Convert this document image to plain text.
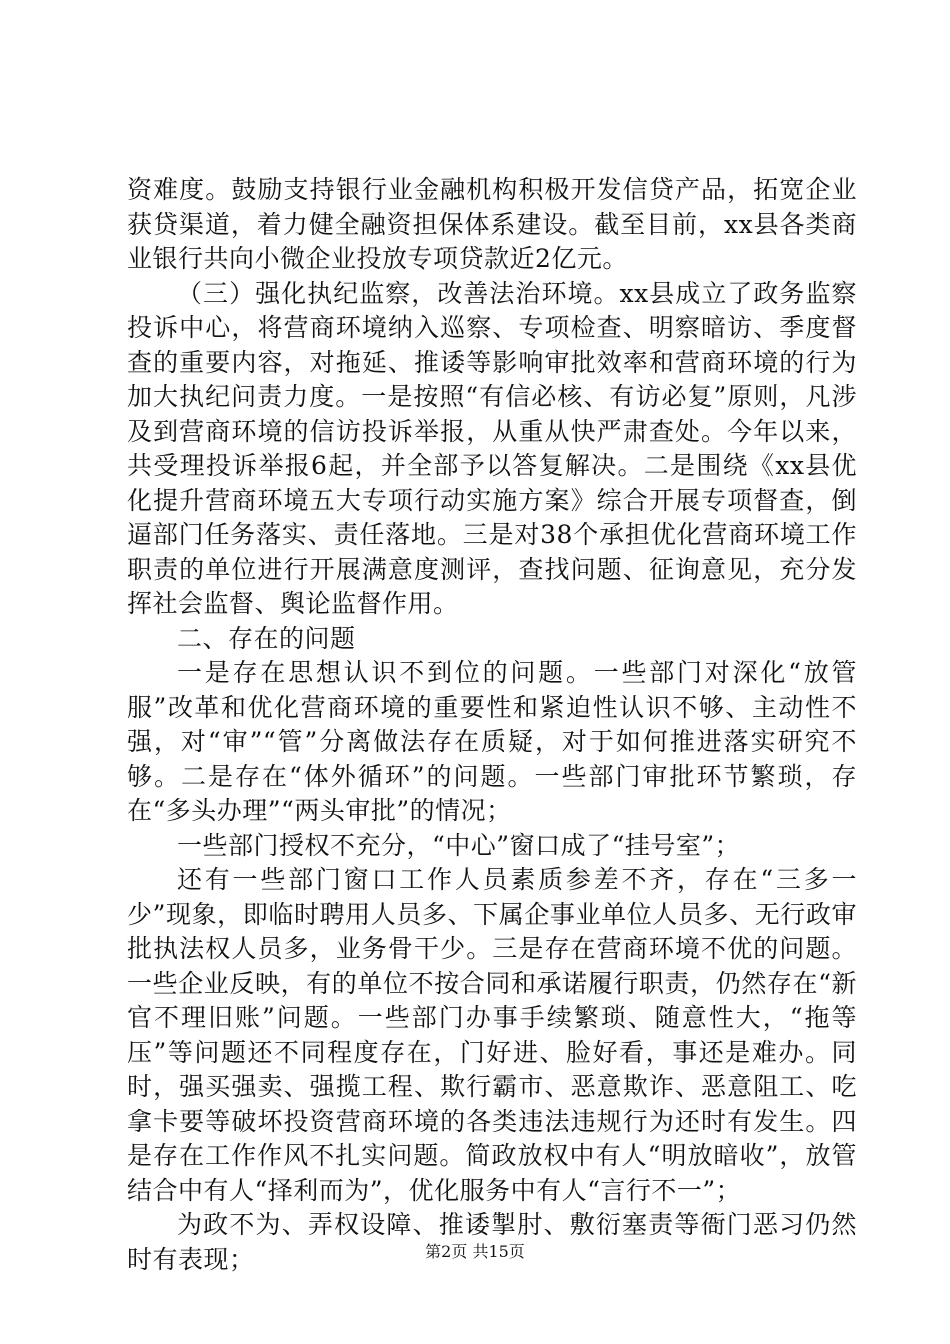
资难度。鼓励支持银行业金融机构积极开发信贷产品，拓宽企业获贷渠道，着力健全融资担保体系建设。截至目前，xx县各类商业银行共向小微企业投放专项贷款近2亿元。

（三）强化执纪监察，改善法治环境。xx县成立了政务监察投诉中心，将营商环境纳入巡察、专项检查、明察暗访、季度督查的重要内容，对拖延、推诿等影响审批效率和营商环境的行为加大执纪问责力度。一是按照“有信必核、有访必复”原则，凡涉及到营商环境的信访投诉举报，从重从快严肃查处。今年以来，共受理投诉举报6起，并全部予以答复解决。二是围绕《xx县优化提升营商环境五大专项行动实施方案》综合开展专项督查，倒逼部门任务落实、责任落地。三是对38个承担优化营商环境工作职责的单位进行开展满意度测评，查找问题、征询意见，充分发挥社会监督、舆论监督作用。

二、存在的问题

一是存在思想认识不到位的问题。一些部门对深化“放管服”改革和优化营商环境的重要性和紧迫性认识不够、主动性不强，对“审”“管”分离做法存在质疑，对于如何推进落实研究不够。二是存在“体外循环”的问题。一些部门审批环节繁琐，存在“多头办理”“两头审批”的情况；

一些部门授权不充分，“中心”窗口成了“挂号室”；

还有一些部门窗口工作人员素质参差不齐，存在“三多一少”现象，即临时聘用人员多、下属企事业单位人员多、无行政审批执法权人员多，业务骨干少。三是存在营商环境不优的问题。一些企业反映，有的单位不按合同和承诺履行职责，仍然存在“新官不理旧账”问题。一些部门办事手续繁琐、随意性大，“拖等压”等问题还不同程度存在，门好进、脸好看，事还是难办。同时，强买强卖、强揽工程、欺行霸市、恶意欺诈、恶意阻工、吃拿卡要等破坏投资营商环境的各类违法违规行为还时有发生。四是存在工作作风不扎实问题。简政放权中有人“明放暗收”，放管结合中有人“择利而为”，优化服务中有人“言行不一”；

为政不为、弄权设障、推诿掣肘、敷衍塞责等衙门恶习仍然时有表现；	第2页 共15页
